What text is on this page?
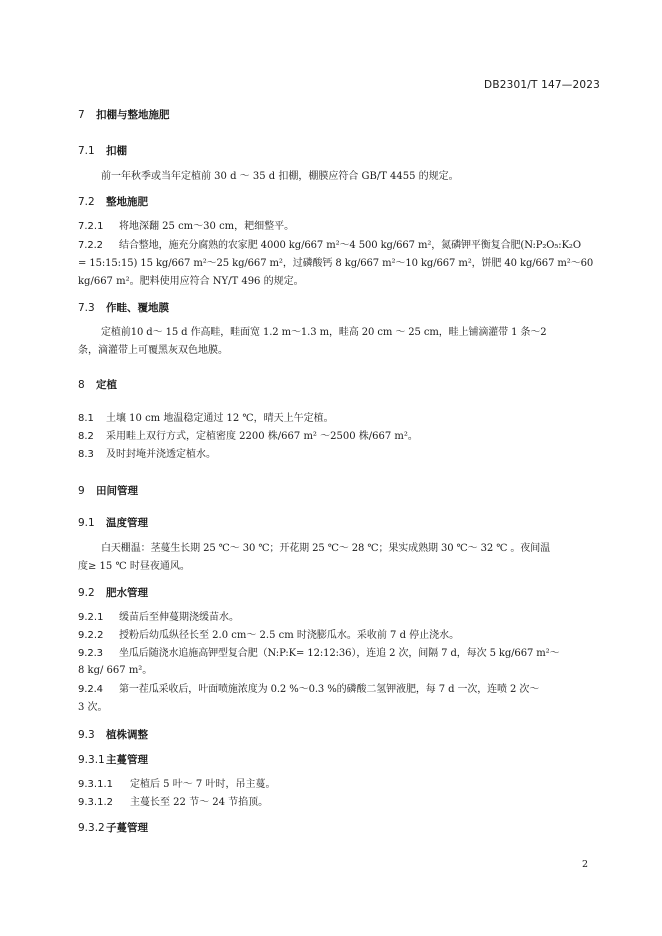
DB2301/T 147—2023
7 扣棚与整地施肥
7.1 扣棚
前一年秋季或当年定植前 30 d ～ 35 d 扣棚，棚膜应符合 GB/T 4455 的规定。
7.2 整地施肥
7.2.1 将地深翻 25 cm～30 cm，耙细整平。
7.2.2 结合整地，施充分腐熟的农家肥 4000 kg/667 m²～4 500 kg/667 m²，氮磷钾平衡复合肥(N:P₂O₅:K₂O
= 15:15:15) 15 kg/667 m²～25 kg/667 m²，过磷酸钙 8 kg/667 m²～10 kg/667 m²，饼肥 40 kg/667 m²～60
kg/667 m²。肥料使用应符合 NY/T 496 的规定。
7.3 作畦、覆地膜
定植前10 d～ 15 d 作高畦，畦面宽 1.2 m～1.3 m，畦高 20 cm ～ 25 cm，畦上铺滴灌带 1 条～2
条，滴灌带上可覆黑灰双色地膜。
8 定植
8.1 土壤 10 cm 地温稳定通过 12 ℃，晴天上午定植。
8.2 采用畦上双行方式，定植密度 2200 株/667 m² ～2500 株/667 m²。
8.3 及时封埯并浇透定植水。
9 田间管理
9.1 温度管理
白天棚温：茎蔓生长期 25 ℃～ 30 ℃；开花期 25 ℃～ 28 ℃；果实成熟期 30 ℃～ 32 ℃ 。夜间温
度≥ 15 ℃ 时昼夜通风。
9.2 肥水管理
9.2.1 缓苗后至伸蔓期浇缓苗水。
9.2.2 授粉后幼瓜纵径长至 2.0 cm～ 2.5 cm 时浇膨瓜水。采收前 7 d 停止浇水。
9.2.3 坐瓜后随浇水追施高钾型复合肥（N:P:K= 12:12:36），连追 2 次，间隔 7 d，每次 5 kg/667 m²～
8 kg/ 667 m²。
9.2.4 第一茬瓜采收后，叶面喷施浓度为 0.2 %～0.3 %的磷酸二氢钾液肥，每 7 d 一次，连喷 2 次～
3 次。
9.3 植株调整
9.3.1主蔓管理
9.3.1.1 定植后 5 叶～ 7 叶时，吊主蔓。
9.3.1.2 主蔓长至 22 节～ 24 节掐顶。
9.3.2子蔓管理
2
